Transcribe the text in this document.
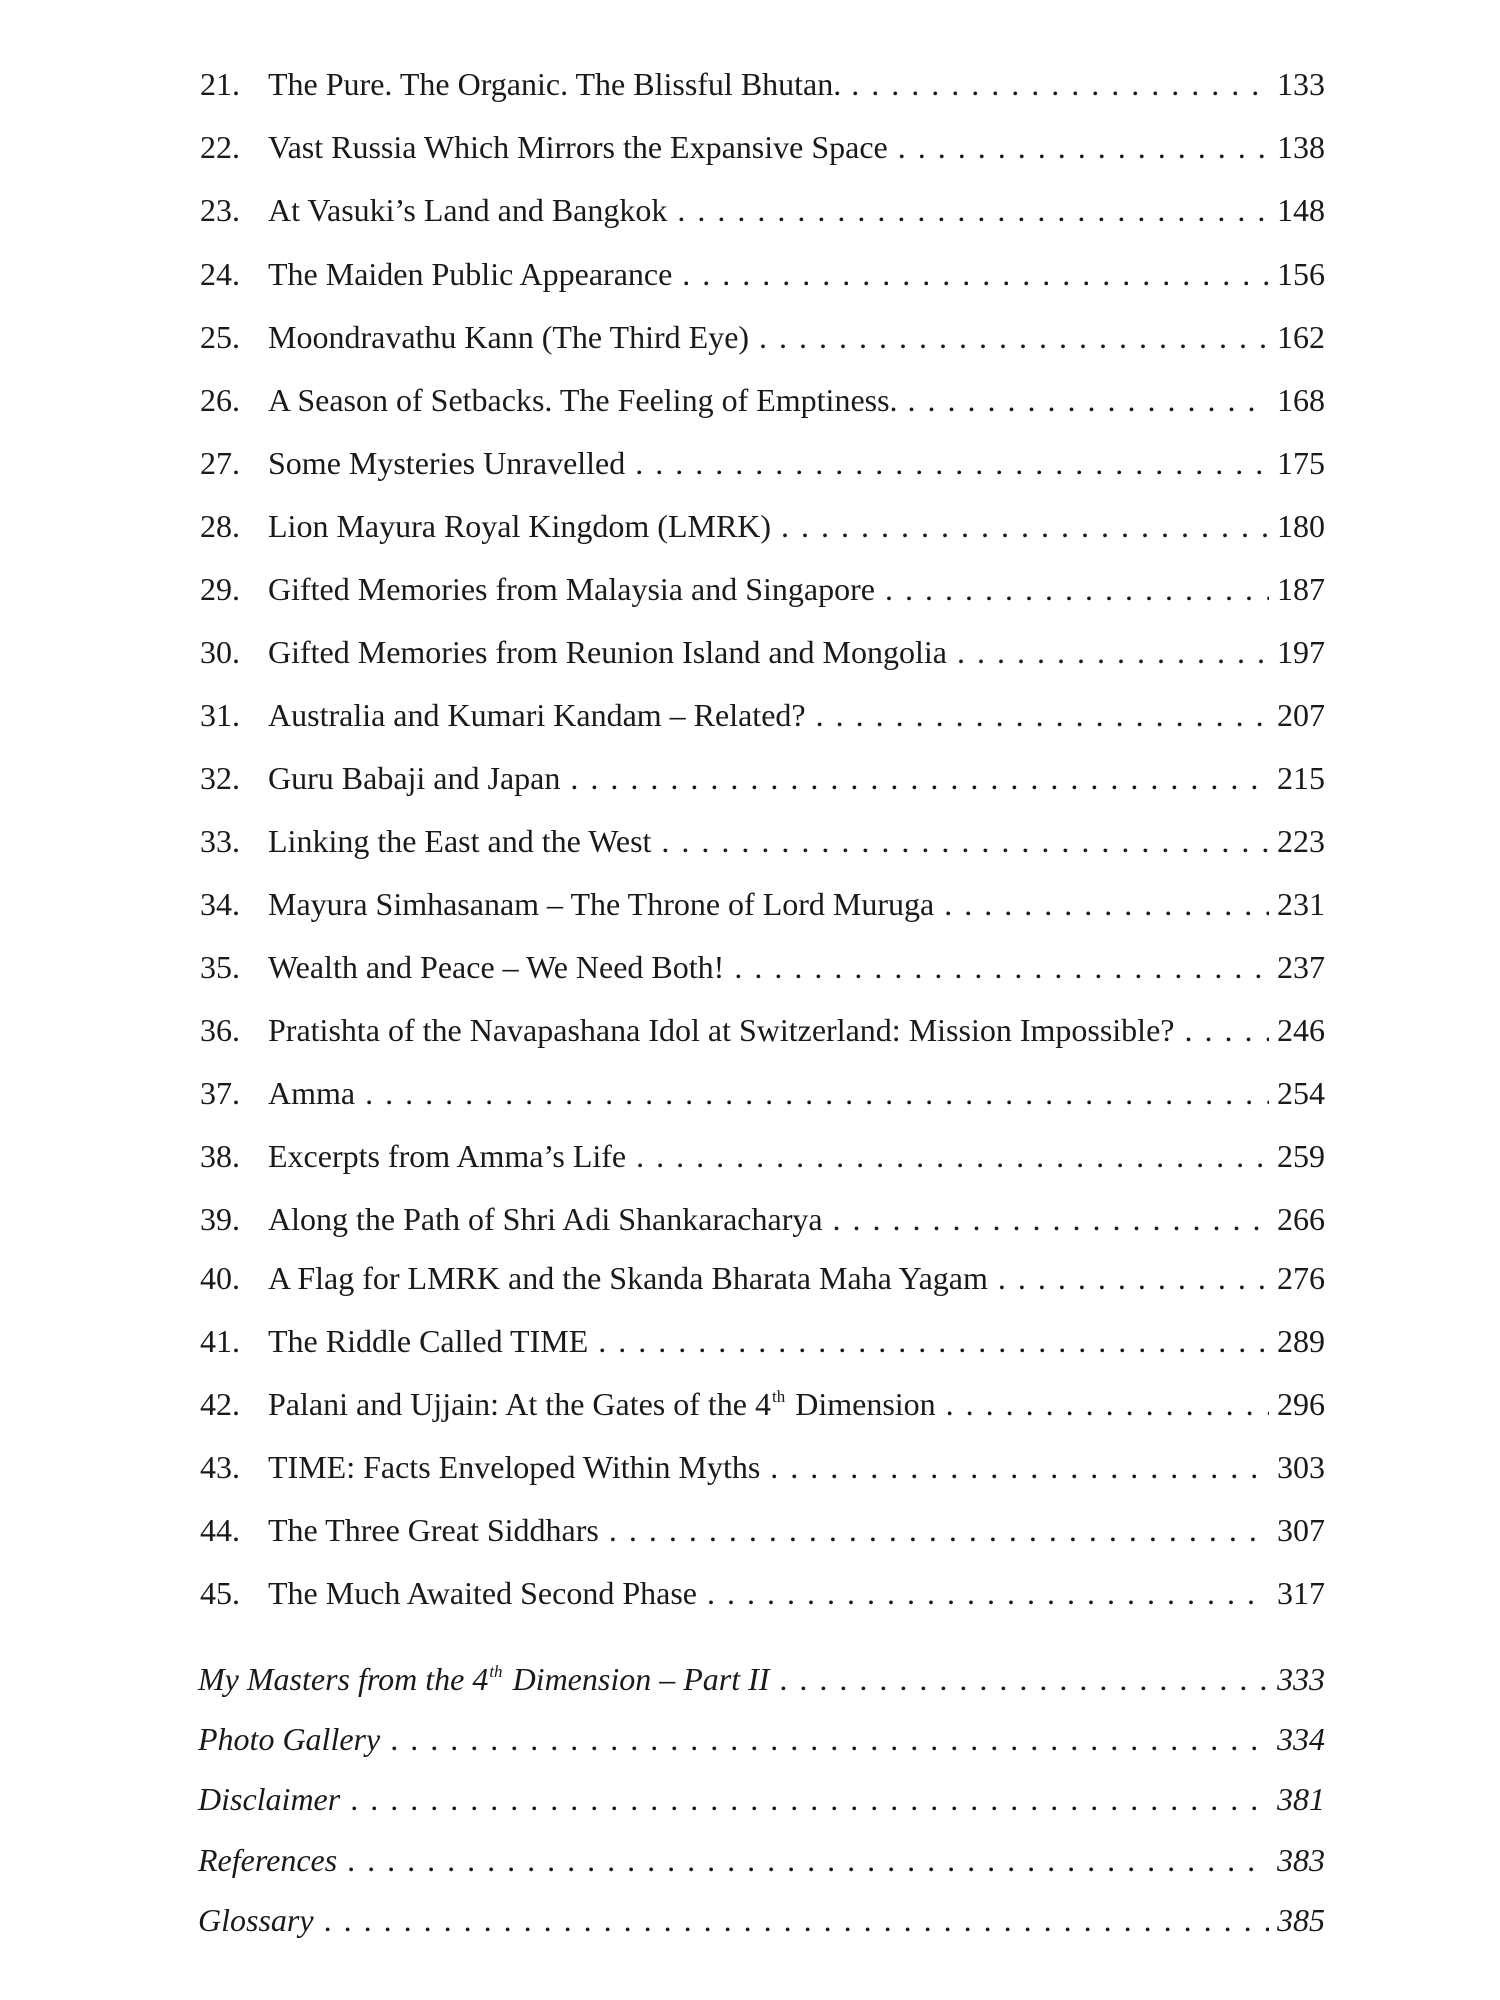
21. The Pure. The Organic. The Blissful Bhutan. . . .	133
22. Vast Russia Which Mirrors the Expansive Space . . .	138
23. At Vasuki’s Land and Bangkok . . .	148
24. The Maiden Public Appearance . . .	156
25. Moondravathu Kann (The Third Eye) . . .	162
26. A Season of Setbacks. The Feeling of Emptiness. . . .	168
27. Some Mysteries Unravelled . . .	175
28. Lion Mayura Royal Kingdom (LMRK) . . .	180
29. Gifted Memories from Malaysia and Singapore . . .	187
30. Gifted Memories from Reunion Island and Mongolia . . .	197
31. Australia and Kumari Kandam – Related? . . .	207
32. Guru Babaji and Japan . . .	215
33. Linking the East and the West . . .	223
34. Mayura Simhasanam – The Throne of Lord Muruga . . .	231
35. Wealth and Peace – We Need Both! . . .	237
36. Pratishta of the Navapashana Idol at Switzerland: Mission Impossible? . . .	246
37. Amma . . .	254
38. Excerpts from Amma’s Life . . .	259
39. Along the Path of Shri Adi Shankaracharya . . .	266
40. A Flag for LMRK and the Skanda Bharata Maha Yagam . . .	276
41. The Riddle Called TIME . . .	289
42. Palani and Ujjain: At the Gates of the 4th Dimension . . .	296
43. TIME: Facts Enveloped Within Myths . . .	303
44. The Three Great Siddhars . . .	307
45. The Much Awaited Second Phase . . .	317
My Masters from the 4th Dimension – Part II . . .	333
Photo Gallery . . .	334
Disclaimer . . .	381
References . . .	383
Glossary . . .	385
